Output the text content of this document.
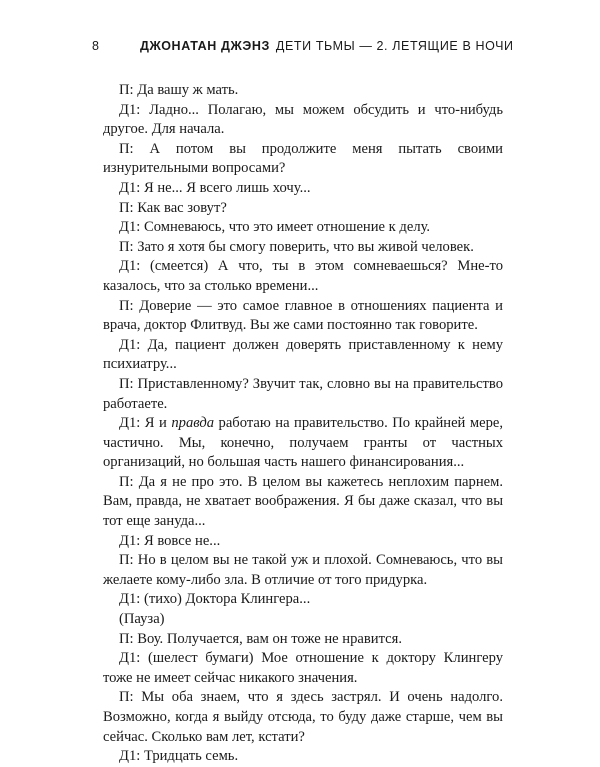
8	ДЖОНАТАН ДЖЭНЗ ДЕТИ ТЬМЫ — 2. ЛЕТЯЩИЕ В НОЧИ

П: Да вашу ж мать.

Д1: Ладно... Полагаю, мы можем обсудить и что-нибудь другое. Для начала.

П: А потом вы продолжите меня пытать своими изнурительными вопросами?

Д1: Я не... Я всего лишь хочу...

П: Как вас зовут?

Д1: Сомневаюсь, что это имеет отношение к делу.

П: Зато я хотя бы смогу поверить, что вы живой человек.

Д1: (смеется) А что, ты в этом сомневаешься? Мне-то казалось, что за столько времени...

П: Доверие — это самое главное в отношениях пациента и врача, доктор Флитвуд. Вы же сами постоянно так говорите.

Д1: Да, пациент должен доверять приставленному к нему психиатру...

П: Приставленному? Звучит так, словно вы на правительство работаете.

Д1: Я и правда работаю на правительство. По крайней мере, частично. Мы, конечно, получаем гранты от частных организаций, но большая часть нашего финансирования...

П: Да я не про это. В целом вы кажетесь неплохим парнем. Вам, правда, не хватает воображения. Я бы даже сказал, что вы тот еще зануда...

Д1: Я вовсе не...

П: Но в целом вы не такой уж и плохой. Сомневаюсь, что вы желаете кому-либо зла. В отличие от того придурка.

Д1: (тихо) Доктора Клингера...

(Пауза)

П: Воу. Получается, вам он тоже не нравится.

Д1: (шелест бумаги) Мое отношение к доктору Клингеру тоже не имеет сейчас никакого значения.

П: Мы оба знаем, что я здесь застрял. И очень надолго. Возможно, когда я выйду отсюда, то буду даже старше, чем вы сейчас. Сколько вам лет, кстати?

Д1: Тридцать семь.
